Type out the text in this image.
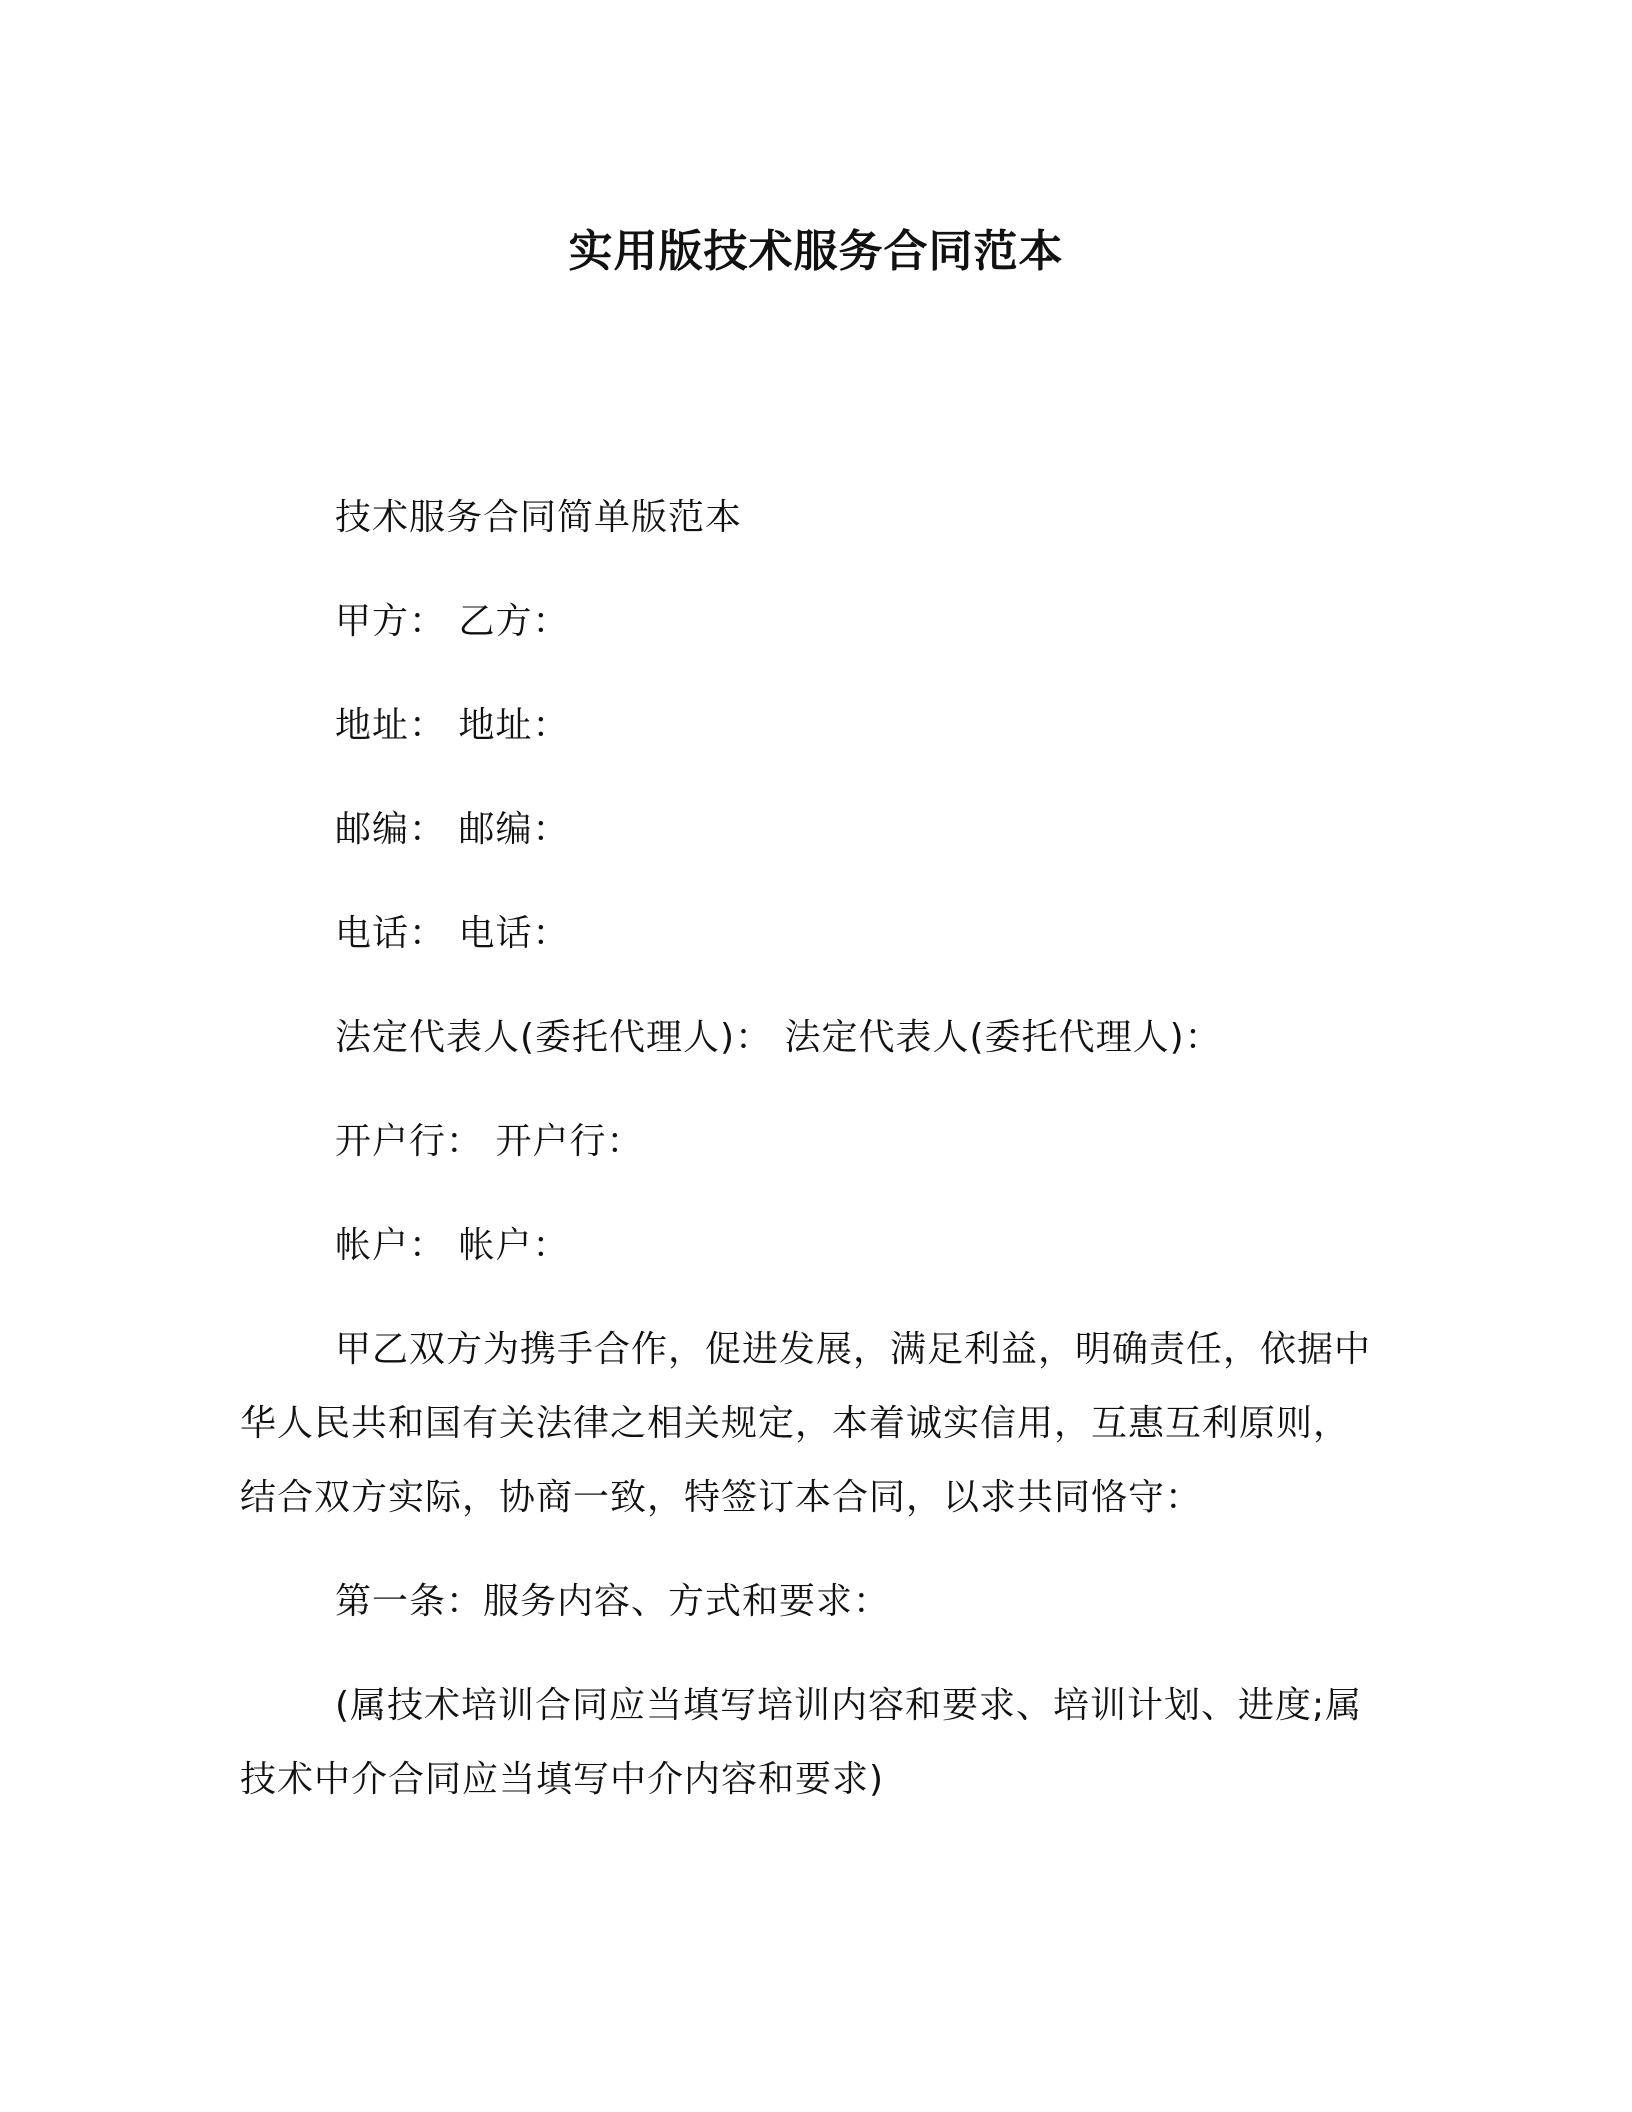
实用版技术服务合同范本
技术服务合同简单版范本
甲方： 乙方：
地址： 地址：
邮编： 邮编：
电话： 电话：
法定代表人(委托代理人)： 法定代表人(委托代理人)：
开户行： 开户行：
帐户： 帐户：
甲乙双方为携手合作，促进发展，满足利益，明确责任，依据中
华人民共和国有关法律之相关规定，本着诚实信用，互惠互利原则，
结合双方实际，协商一致，特签订本合同，以求共同恪守：
第一条：服务内容、方式和要求：
(属技术培训合同应当填写培训内容和要求、培训计划、进度;属
技术中介合同应当填写中介内容和要求)
